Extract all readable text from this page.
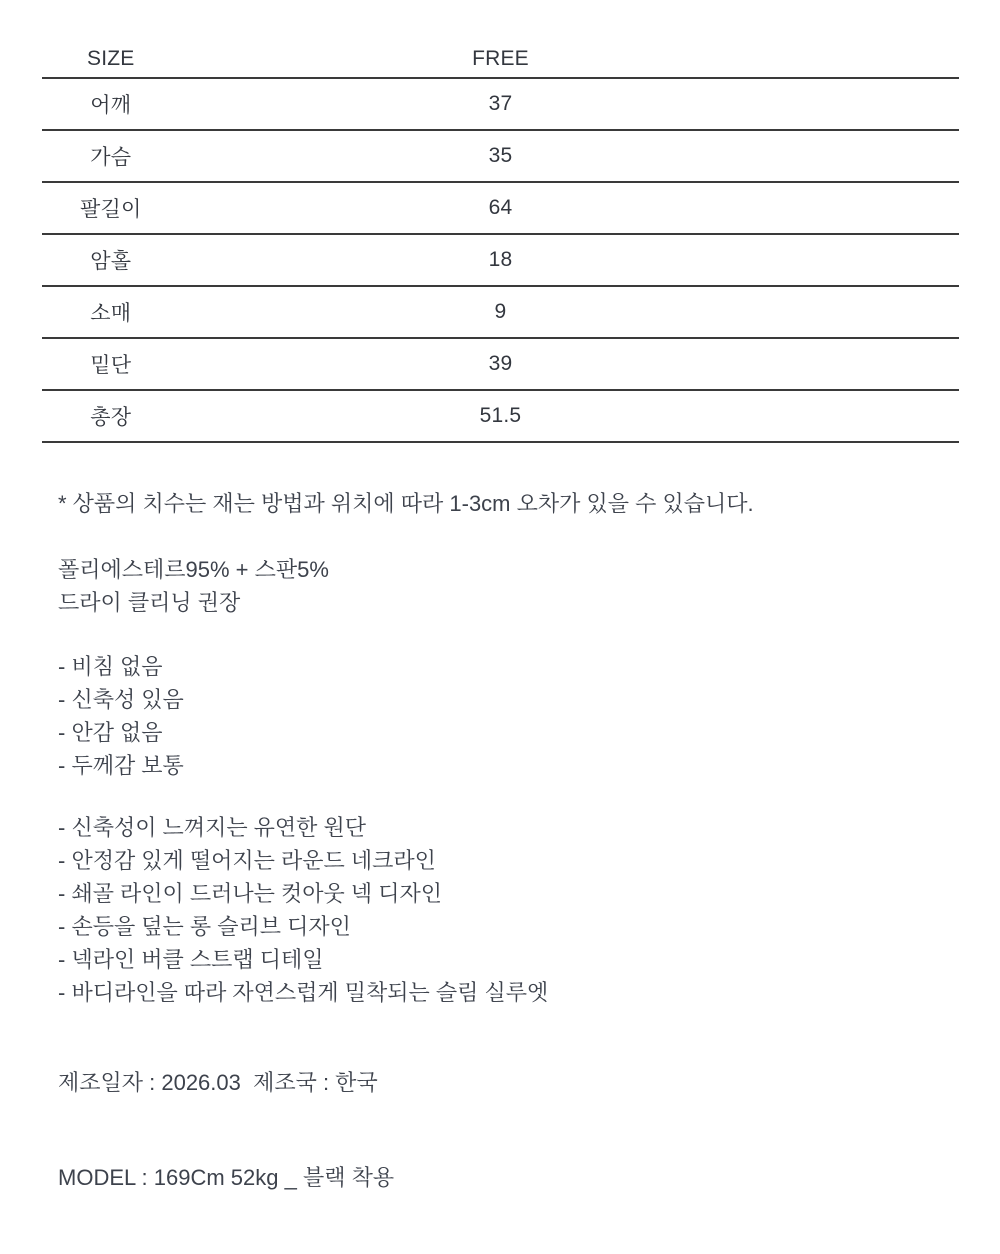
SIZE	FREE
어깨	37
가슴	35
팔길이	64
암홀	18
소매	9
밑단	39
총장	51.5

* 상품의 치수는 재는 방법과 위치에 따라 1-3cm 오차가 있을 수 있습니다.

폴리에스테르95% + 스판5%
드라이 클리닝 권장
- 비침 없음
- 신축성 있음
- 안감 없음
- 두께감 보통
- 신축성이 느껴지는 유연한 원단
- 안정감 있게 떨어지는 라운드 네크라인
- 쇄골 라인이 드러나는 컷아웃 넥 디자인
- 손등을 덮는 롱 슬리브 디자인
- 넥라인 버클 스트랩 디테일
- 바디라인을 따라 자연스럽게 밀착되는 슬림 실루엣

제조일자 : 2026.03  제조국 : 한국

MODEL : 169Cm 52kg _ 블랙 착용
